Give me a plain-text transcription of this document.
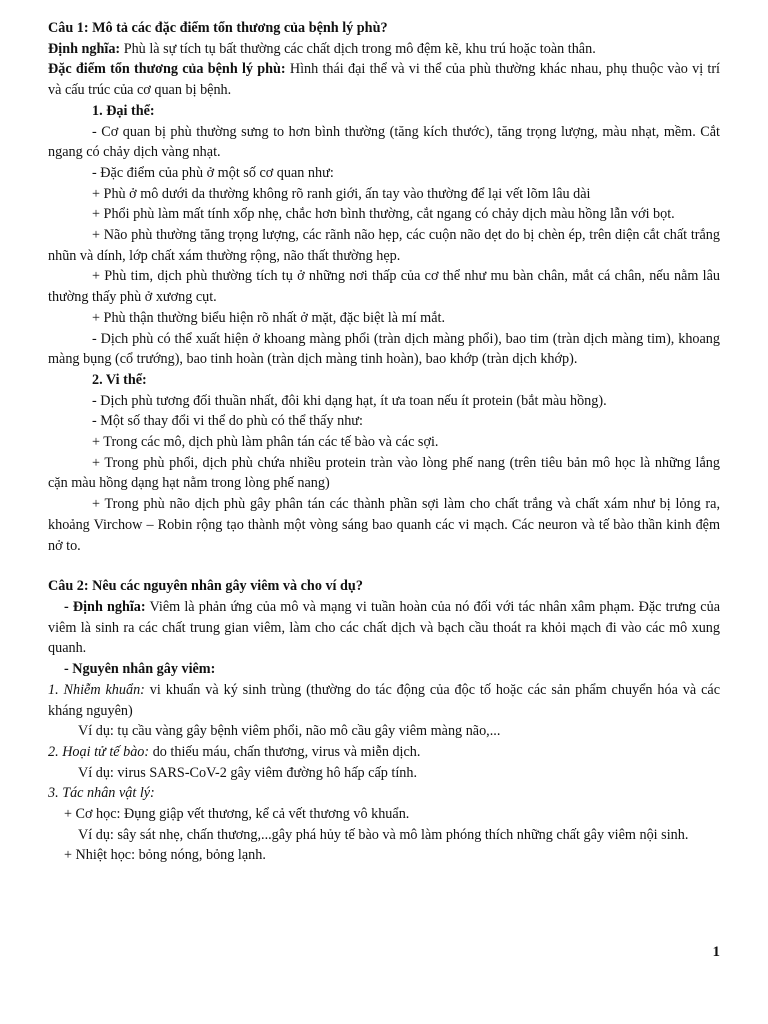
Câu 1: Mô tả các đặc điểm tổn thương của bệnh lý phù?

Định nghĩa: Phù là sự tích tụ bất thường các chất dịch trong mô đệm kẽ, khu trú hoặc toàn thân.

Đặc điểm tổn thương của bệnh lý phù: Hình thái đại thể và vi thể của phù thường khác nhau, phụ thuộc vào vị trí và cấu trúc của cơ quan bị bệnh.

1. Đại thể:

- Cơ quan bị phù thường sưng to hơn bình thường (tăng kích thước), tăng trọng lượng, màu nhạt, mềm. Cắt ngang có chảy dịch vàng nhạt.

- Đặc điểm của phù ở một số cơ quan như:

+ Phù ở mô dưới da thường không rõ ranh giới, ấn tay vào thường để lại vết lõm lâu dài

+ Phổi phù làm mất tính xốp nhẹ, chắc hơn bình thường, cắt ngang có chảy dịch màu hồng lẫn với bọt.

+ Não phù thường tăng trọng lượng, các rãnh não hẹp, các cuộn não dẹt do bị chèn ép, trên diện cắt chất trắng nhũn và dính, lớp chất xám thường rộng, não thất thường hẹp.

+ Phù tim, dịch phù thường tích tụ ở những nơi thấp của cơ thể như mu bàn chân, mắt cá chân, nếu nằm lâu thường thấy phù ở xương cụt.

+ Phù thận thường biểu hiện rõ nhất ở mặt, đặc biệt là mí mắt.

- Dịch phù có thể xuất hiện ở khoang màng phổi (tràn dịch màng phổi), bao tim (tràn dịch màng tim), khoang màng bụng (cổ trướng), bao tinh hoàn (tràn dịch màng tinh hoàn), bao khớp (tràn dịch khớp).

2. Vi thể:

- Dịch phù tương đối thuần nhất, đôi khi dạng hạt, ít ưa toan nếu ít protein (bắt màu hồng).

- Một số thay đổi vi thể do phù có thể thấy như:

+ Trong các mô, dịch phù làm phân tán các tế bào và các sợi.

+ Trong phù phổi, dịch phù chứa nhiều protein tràn vào lòng phế nang (trên tiêu bản mô học là những lắng cặn màu hồng dạng hạt nằm trong lòng phế nang)

+ Trong phù não dịch phù gây phân tán các thành phần sợi làm cho chất trắng và chất xám như bị lỏng ra, khoảng Virchow – Robin rộng tạo thành một vòng sáng bao quanh các vi mạch. Các neuron và tế bào thần kinh đệm nở to.

Câu 2: Nêu các nguyên nhân gây viêm và cho ví dụ?

- Định nghĩa: Viêm là phản ứng của mô và mạng vi tuần hoàn của nó đối với tác nhân xâm phạm. Đặc trưng của viêm là sinh ra các chất trung gian viêm, làm cho các chất dịch và bạch cầu thoát ra khỏi mạch đi vào các mô xung quanh.

- Nguyên nhân gây viêm:

1. Nhiễm khuẩn: vi khuẩn và ký sinh trùng (thường do tác động của độc tố hoặc các sản phẩm chuyển hóa và các kháng nguyên)

Ví dụ: tụ cầu vàng gây bệnh viêm phổi, não mô cầu gây viêm màng não,...

2. Hoại tử tế bào: do thiếu máu, chấn thương, virus và miễn dịch.

Ví dụ: virus SARS-CoV-2 gây viêm đường hô hấp cấp tính.

3. Tác nhân vật lý:

+ Cơ học: Đụng giập vết thương, kể cả vết thương vô khuẩn.

Ví dụ: sây sát nhẹ, chấn thương,...gây phá hủy tế bào và mô làm phóng thích những chất gây viêm nội sinh.

+ Nhiệt học: bỏng nóng, bỏng lạnh.

1
